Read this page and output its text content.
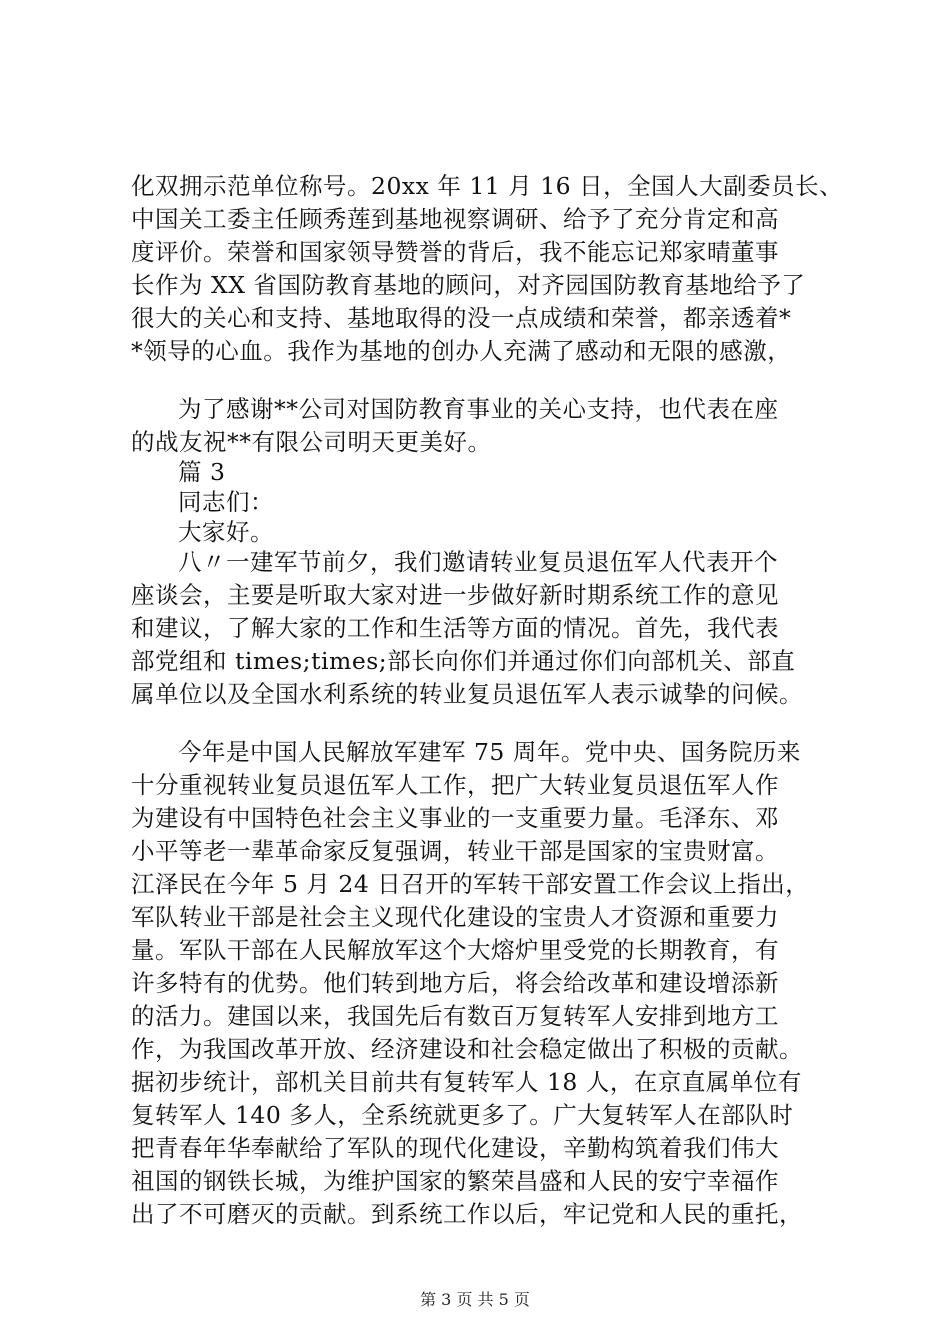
化双拥示范单位称号。20xx 年 11 月 16 日，全国人大副委员长、
中国关工委主任顾秀莲到基地视察调研、给予了充分肯定和高
度评价。荣誉和国家领导赞誉的背后，我不能忘记郑家晴董事
长作为 XX 省国防教育基地的顾问，对齐园国防教育基地给予了
很大的关心和支持、基地取得的没一点成绩和荣誉，都亲透着*
*领导的心血。我作为基地的创办人充满了感动和无限的感激，
为了感谢**公司对国防教育事业的关心支持，也代表在座
的战友祝**有限公司明天更美好。
篇 3
同志们：
大家好。
八〃一建军节前夕，我们邀请转业复员退伍军人代表开个
座谈会，主要是听取大家对进一步做好新时期系统工作的意见
和建议，了解大家的工作和生活等方面的情况。首先，我代表
部党组和 times;times;部长向你们并通过你们向部机关、部直
属单位以及全国水利系统的转业复员退伍军人表示诚挚的问候。
今年是中国人民解放军建军 75 周年。党中央、国务院历来
十分重视转业复员退伍军人工作，把广大转业复员退伍军人作
为建设有中国特色社会主义事业的一支重要力量。毛泽东、邓
小平等老一辈革命家反复强调，转业干部是国家的宝贵财富。
江泽民在今年 5 月 24 日召开的军转干部安置工作会议上指出，
军队转业干部是社会主义现代化建设的宝贵人才资源和重要力
量。军队干部在人民解放军这个大熔炉里受党的长期教育，有
许多特有的优势。他们转到地方后，将会给改革和建设增添新
的活力。建国以来，我国先后有数百万复转军人安排到地方工
作，为我国改革开放、经济建设和社会稳定做出了积极的贡献。
据初步统计，部机关目前共有复转军人 18 人，在京直属单位有
复转军人 140 多人，全系统就更多了。广大复转军人在部队时
把青春年华奉献给了军队的现代化建设，辛勤构筑着我们伟大
祖国的钢铁长城，为维护国家的繁荣昌盛和人民的安宁幸福作
出了不可磨灭的贡献。到系统工作以后，牢记党和人民的重托，
第 3 页 共 5 页
